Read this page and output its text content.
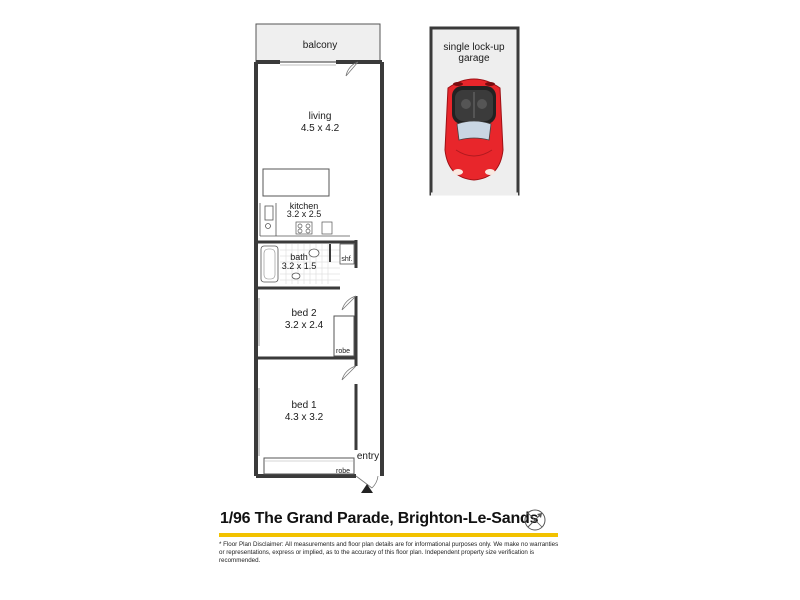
balcony
living
4.5 x 4.2
kitchen
3.2 x 2.5
bath
3.2 x 1.5
shf.
bed 2
3.2 x 2.4
robe
bed 1
4.3 x 3.2
robe
entry
single lock-up
garage
1/96 The Grand Parade, Brighton-Le-Sands
* Floor Plan Disclaimer: All measurements and floor plan details are for informational purposes only. We make no warranties or representations, express or implied, as to the accuracy of this floor plan. Independent property size verification is recommended.
